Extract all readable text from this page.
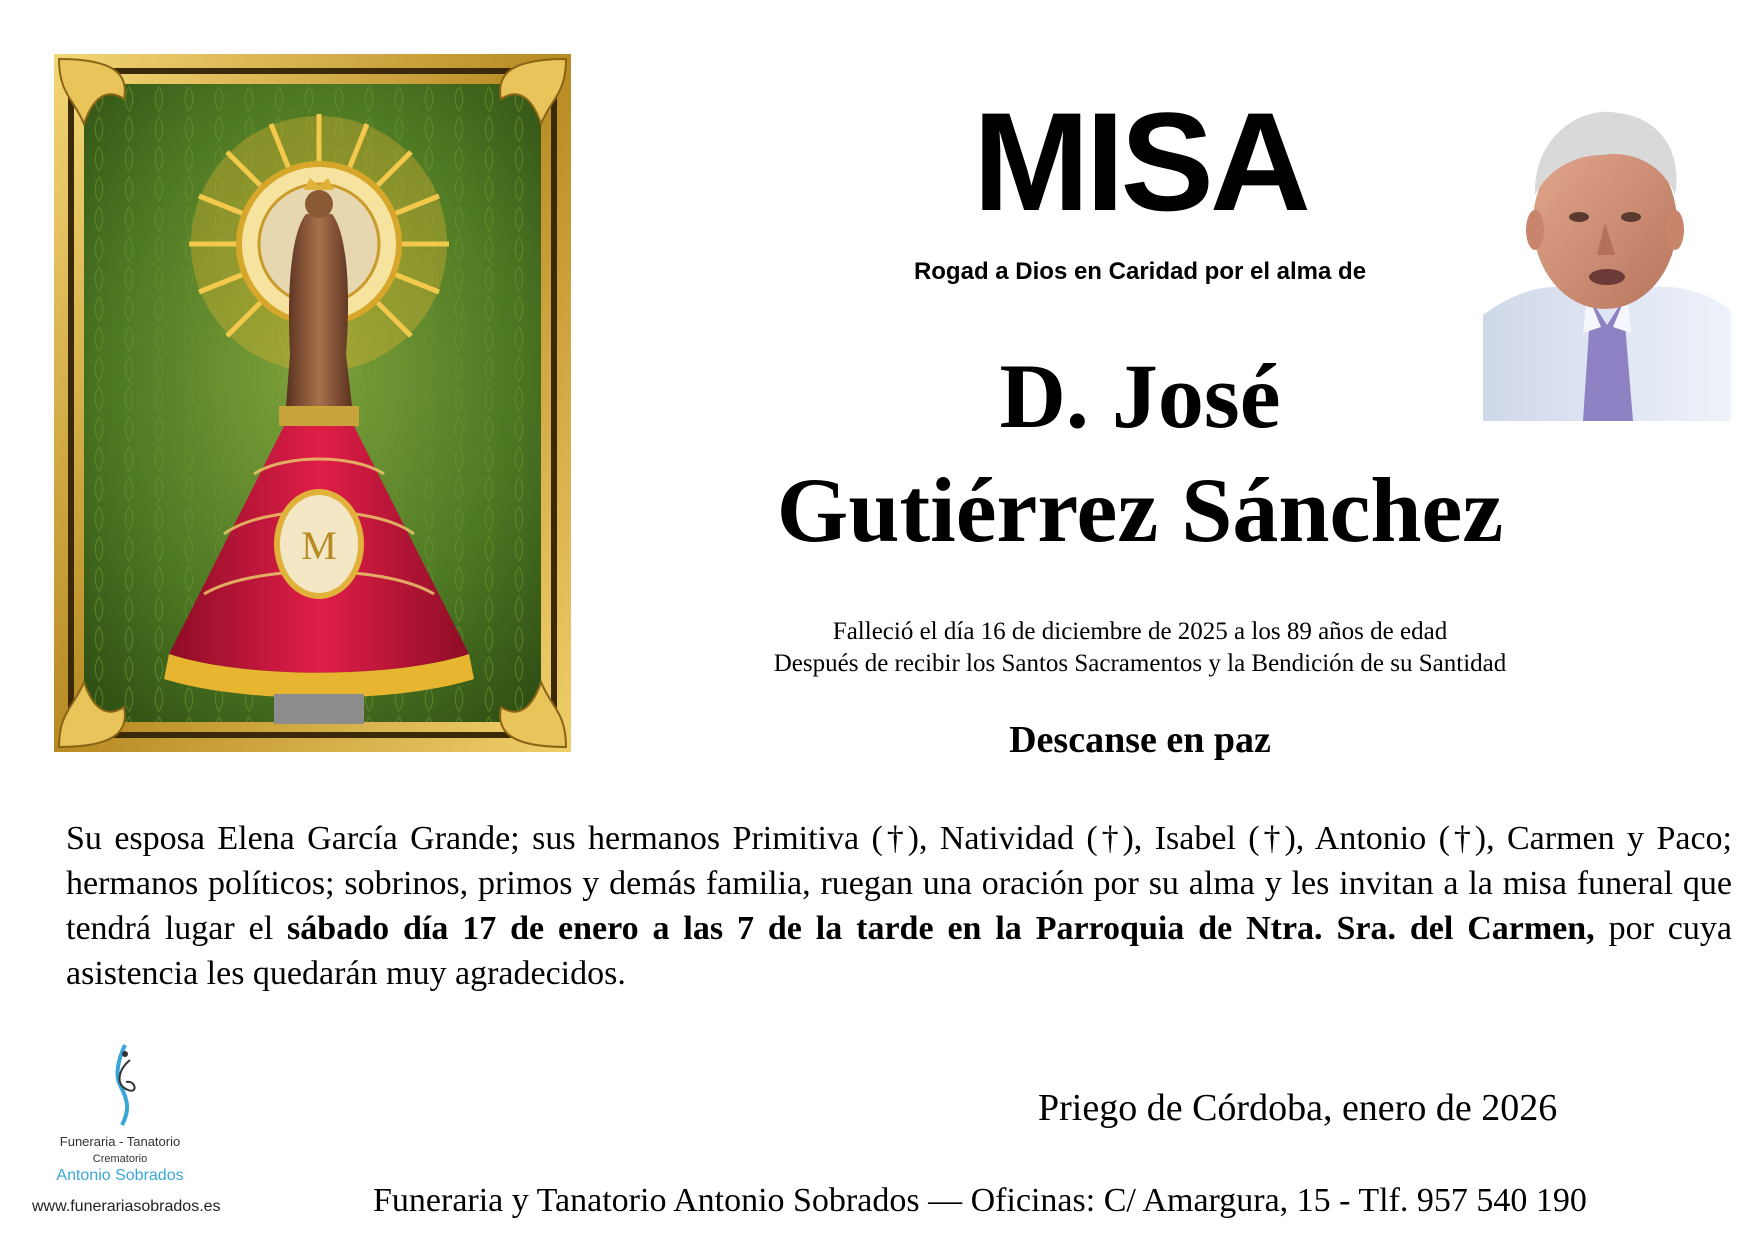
M
MISA
Rogad a Dios en Caridad por el alma de
D. José
Gutiérrez Sánchez
Falleció el día 16 de diciembre de 2025 a los 89 años de edad
Después de recibir los Santos Sacramentos y la Bendición de su Santidad
Descanse en paz
Su esposa Elena García Grande; sus hermanos Primitiva (†), Natividad (†), Isabel (†), Antonio (†), Carmen y Paco; hermanos políticos; sobrinos, primos y demás familia, ruegan una oración por su alma y les invitan a la misa funeral que tendrá lugar el sábado día 17 de enero a las 7 de la tarde en la Parroquia de Ntra. Sra. del Carmen, por cuya asistencia les quedarán muy agradecidos.
Priego de Córdoba, enero de 2026
Funeraria y Tanatorio Antonio Sobrados — Oficinas: C/ Amargura, 15 - Tlf. 957 540 190
Funeraria - Tanatorio
Crematorio
Antonio Sobrados
www.funerariasobrados.es
